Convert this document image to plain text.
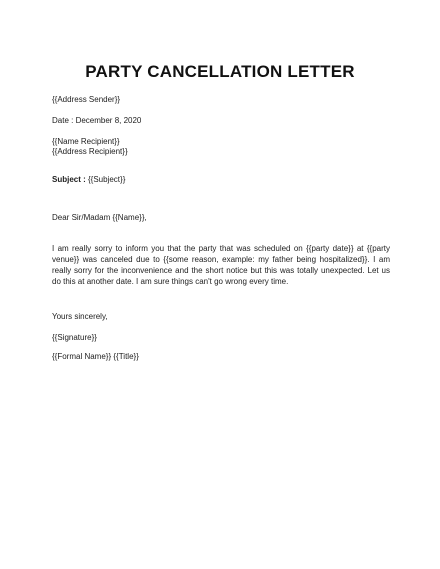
PARTY CANCELLATION LETTER
{{Address Sender}}
Date : December 8, 2020
{{Name Recipient}}
{{Address Recipient}}
Subject : {{Subject}}
Dear Sir/Madam {{Name}},
I am really sorry to inform you that the party that was scheduled on {{party date}} at {{party venue}} was canceled due to {{some reason, example: my father being hospitalized}}. I am really sorry for the inconvenience and the short notice but this was totally unexpected. Let us do this at another date. I am sure things can't go wrong every time.
Yours sincerely,
{{Signature}}
{{Formal Name}} {{Title}}
